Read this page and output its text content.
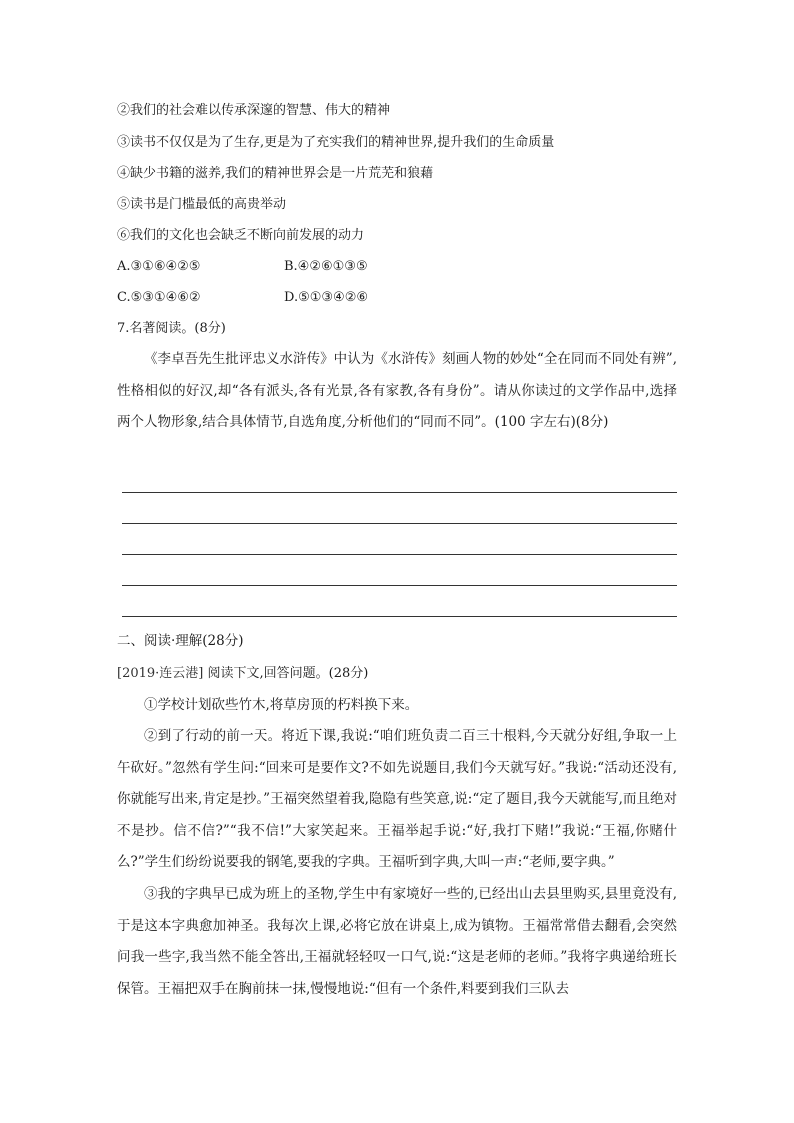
②我们的社会难以传承深邃的智慧、伟大的精神
③读书不仅仅是为了生存,更是为了充实我们的精神世界,提升我们的生命质量
④缺少书籍的滋养,我们的精神世界会是一片荒芜和狼藉
⑤读书是门槛最低的高贵举动
⑥我们的文化也会缺乏不断向前发展的动力
A.③①⑥④②⑤	B.④②⑥①③⑤
C.⑤③①④⑥②	D.⑤①③④②⑥
7.名著阅读。(8分)
《李卓吾先生批评忠义水浒传》中认为《水浒传》刻画人物的妙处“全在同而不同处有辨”,性格相似的好汉,却“各有派头,各有光景,各有家教,各有身份”。请从你读过的文学作品中,选择两个人物形象,结合具体情节,自选角度,分析他们的“同而不同”。(100 字左右)(8分)
二、阅读·理解(28分)
[2019·连云港] 阅读下文,回答问题。(28分)
①学校计划砍些竹木,将草房顶的朽料换下来。
②到了行动的前一天。将近下课,我说:“咱们班负责二百三十根料,今天就分好组,争取一上午砍好。”忽然有学生问:“回来可是要作文?不如先说题目,我们今天就写好。”我说:“活动还没有,你就能写出来,肯定是抄。”王福突然望着我,隐隐有些笑意,说:“定了题目,我今天就能写,而且绝对不是抄。信不信?”“我不信!”大家笑起来。王福举起手说:“好,我打下赌!”我说:“王福,你赌什么?”学生们纷纷说要我的钢笔,要我的字典。王福听到字典,大叫一声:“老师,要字典。”
③我的字典早已成为班上的圣物,学生中有家境好一些的,已经出山去县里购买,县里竟没有,于是这本字典愈加神圣。我每次上课,必将它放在讲桌上,成为镇物。王福常常借去翻看,会突然问我一些字,我当然不能全答出,王福就轻轻叹一口气,说:“这是老师的老师。”我将字典递给班长保管。王福把双手在胸前抹一抹,慢慢地说:“但有一个条件,料要到我们三队去
